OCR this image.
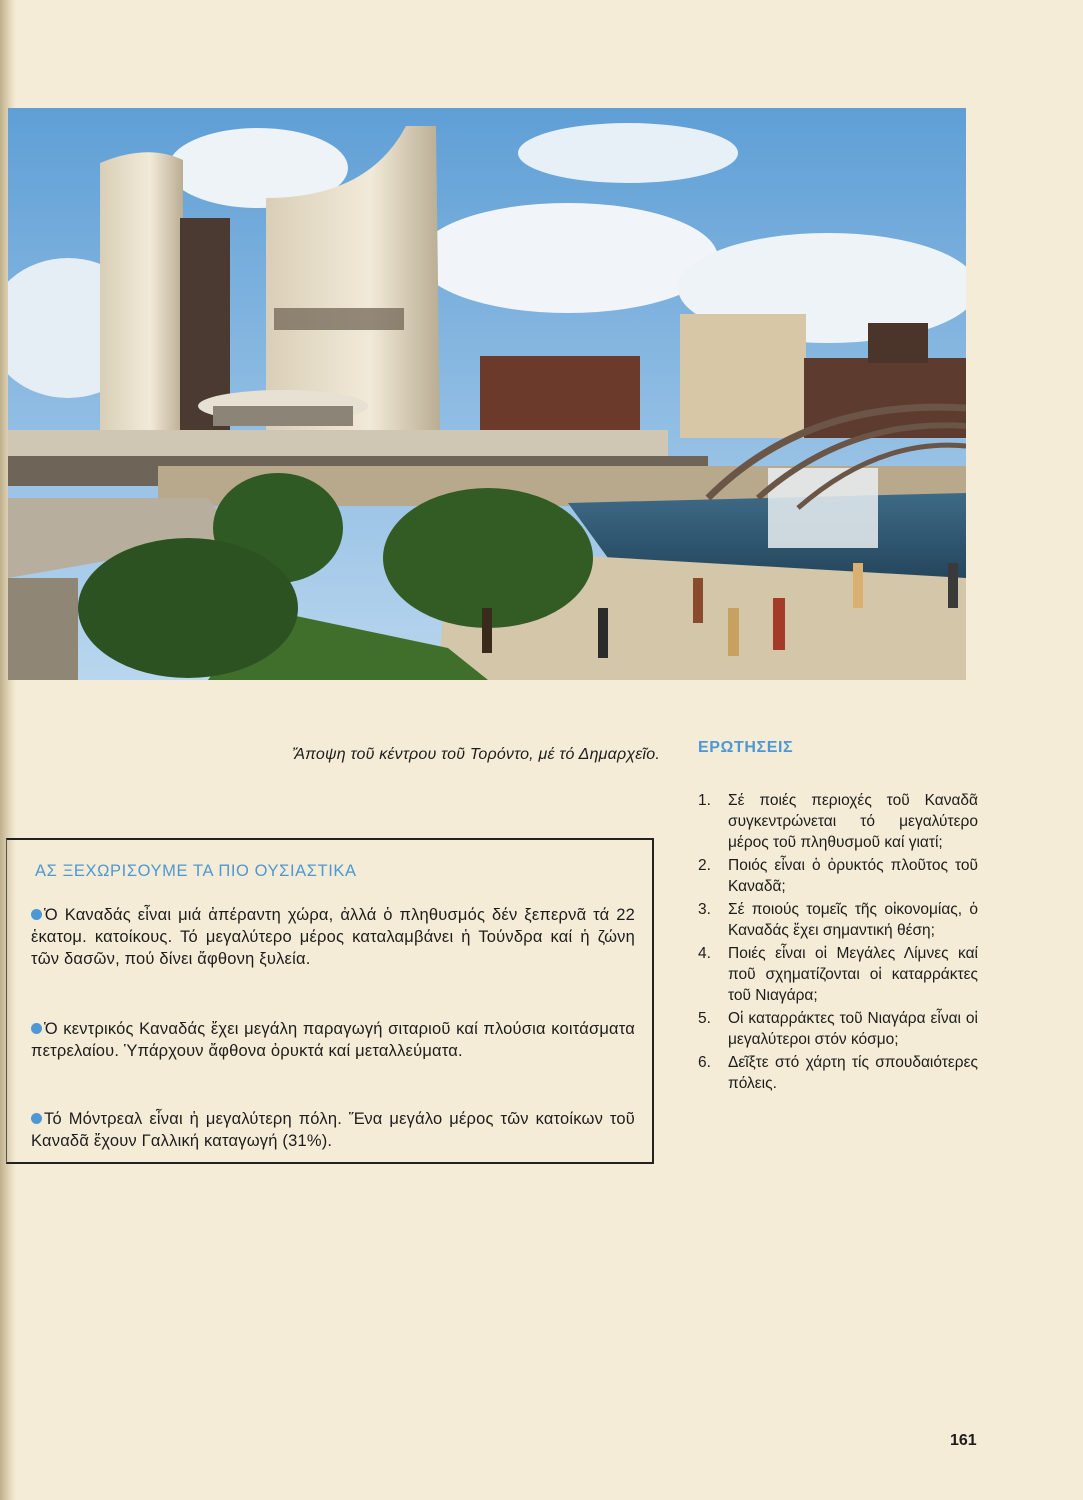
Ἄποψη τοῦ κέντρου τοῦ Τορόντο, μέ τό Δημαρχεῖο.
ΑΣ ΞΕΧΩΡΙΣΟΥΜΕ ΤΑ ΠΙΟ ΟΥΣΙΑΣΤΙΚΑ
Ὁ Καναδάς εἶναι μιά ἀπέραντη χώρα, ἀλλά ὁ πληθυσμός δέν ξεπερνᾶ τά 22 ἑκατομ. κατοίκους. Τό μεγαλύτερο μέρος καταλαμβάνει ἡ Τούνδρα καί ἡ ζώνη τῶν δασῶν, πού δίνει ἄφθονη ξυλεία.
Ὁ κεντρικός Καναδάς ἔχει μεγάλη παραγωγή σιταριοῦ καί πλούσια κοιτάσματα πετρελαίου. Ὑπάρχουν ἄφθονα ὀρυκτά καί μεταλλεύματα.
Τό Μόντρεαλ εἶναι ἡ μεγαλύτερη πόλη. Ἕνα μεγάλο μέρος τῶν κατοίκων τοῦ Καναδᾶ ἔχουν Γαλλική καταγωγή (31%).
ΕΡΩΤΗΣΕΙΣ
1. Σέ ποιές περιοχές τοῦ Καναδᾶ συγκεντρώνεται τό μεγαλύτερο μέρος τοῦ πληθυσμοῦ καί γιατί;
2. Ποιός εἶναι ὁ ὀρυκτός πλοῦτος τοῦ Καναδᾶ;
3. Σέ ποιούς τομεῖς τῆς οἰκονομίας, ὁ Καναδάς ἔχει σημαντική θέση;
4. Ποιές εἶναι οἱ Μεγάλες Λίμνες καί ποῦ σχηματίζονται οἱ καταρράκτες τοῦ Νιαγάρα;
5. Οἱ καταρράκτες τοῦ Νιαγάρα εἶναι οἱ μεγαλύτεροι στόν κόσμο;
6. Δεῖξτε στό χάρτη τίς σπουδαιότερες πόλεις.
161
